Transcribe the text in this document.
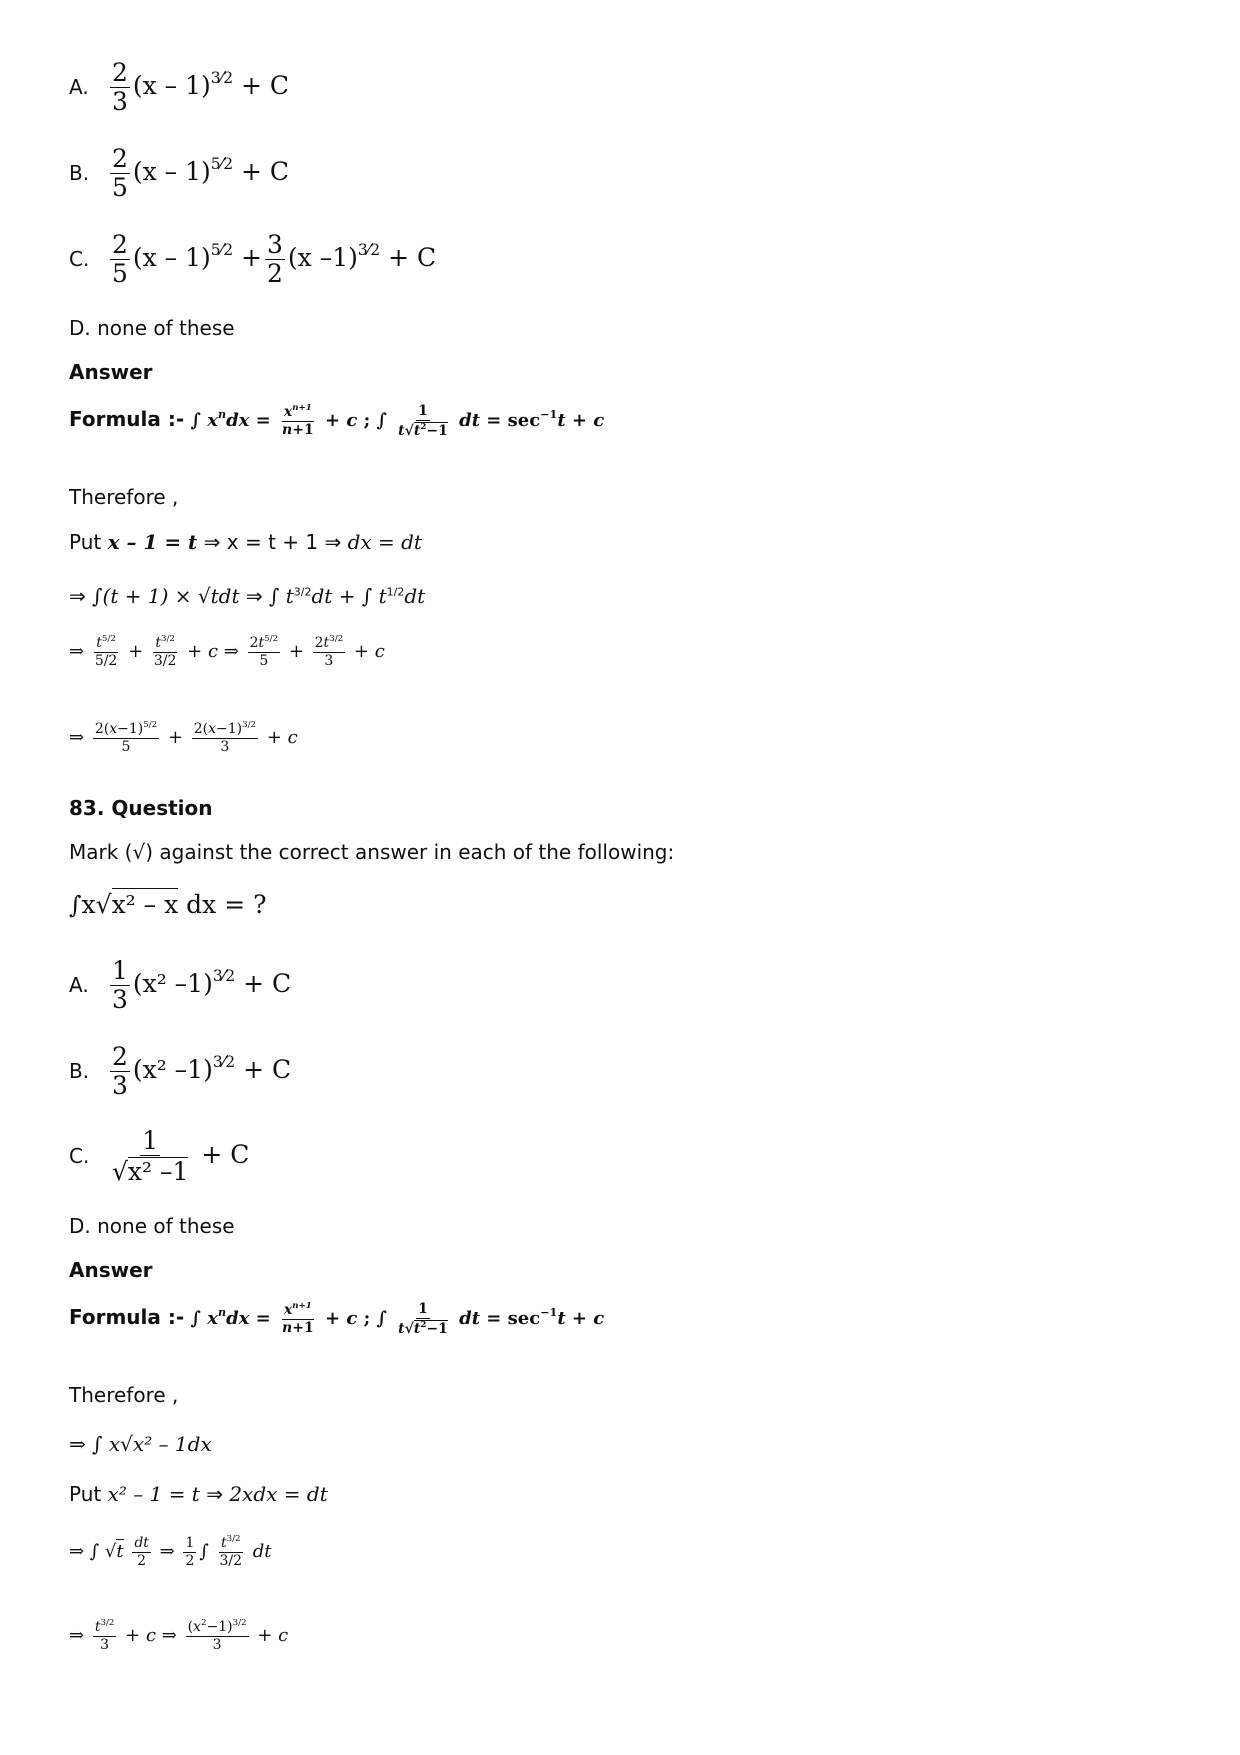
A. $\frac{2}{3} (x - 1)^{3⁄2} + C$
B. $\frac{2}{5} (x - 1)^{5⁄2} + C$
C. $\frac{2}{5} (x - 1)^{5⁄2} + \frac{3}{2} (x$ –1)$^{3⁄2}$ + C
D. none of these
Answer
Formula :- ∫ $x^ndx = \frac{x^{n+1}}{n+1} + c$ ; ∫ $\frac{1}{t√t^2-1}$ dt = $\sec^{-1}t + c$
Therefore ,
Put x – 1 = t ⇒ x = t + 1 ⇒ dx = dt
⇒ ∫(t + 1) × √tdt ⇒ ∫ $t^{3/2}dt$ + ∫ $t^{1/2}dt$
⇒ $\frac{t^{5/2}}{5/2} + \frac{t^{3/2}}{3/2} + c$ ⇒ $\frac{2t^{5/2}}{5} + \frac{2t^{3/2}}{3} + c$
⇒ $\frac{2(x-1)^{5/2}}{5} + \frac{2(x-1)^{3/2}}{3} + c$
83. Question
Mark (√) against the correct answer in each of the following:
∫x√x² – x dx = ?
A. $\frac{1}{3} (x^2$ –1)$^{3⁄2}$ + C
B. $\frac{2}{3} (x^2$ –1)$^{3⁄2}$ + C
C. $\frac{1}{\text{√x² –1}} + C$
D. none of these
Answer
Formula :- ∫ $x^ndx = \frac{x^{n+1}}{n+1} + c$ ; ∫ $\frac{1}{t√t^2-1}$ dt = $\sec^{-1}t + c$
Therefore ,
⇒ ∫ x√x² – 1dx
Put x² – 1 = t ⇒ 2xdx = dt
⇒ ∫ $√t \frac{dt}{2}$ ⇒ $\frac{1}{2}$ ∫ $\frac{t^{3/2}}{3/2}$ dt
⇒ $\frac{t^{3/2}}{3} + c$ ⇒ $\frac{(x^2-1)^{3/2}}{3} + c$
